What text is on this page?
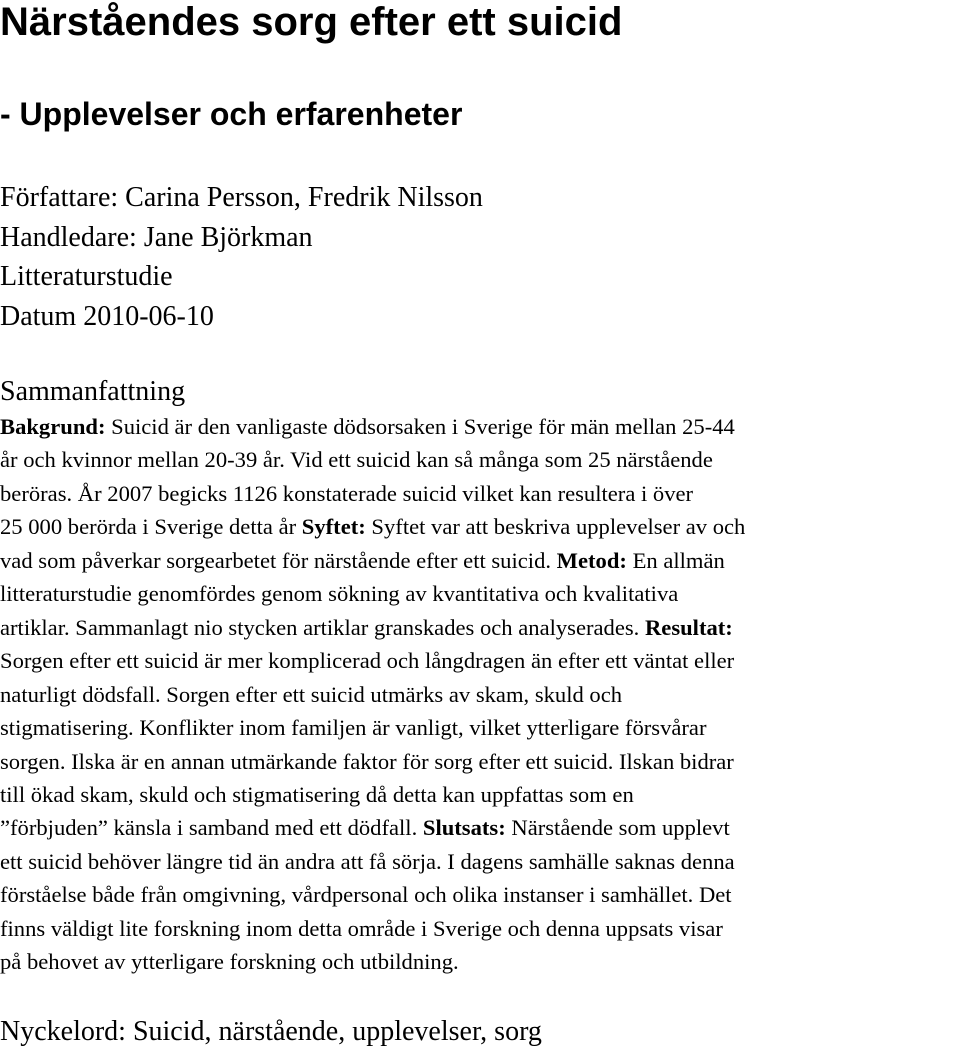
Närståendes sorg efter ett suicid
- Upplevelser och erfarenheter
Författare: Carina Persson, Fredrik Nilsson
Handledare: Jane Björkman
Litteraturstudie
Datum 2010-06-10
Sammanfattning
Bakgrund: Suicid är den vanligaste dödsorsaken i Sverige för män mellan 25-44
år och kvinnor mellan 20-39 år. Vid ett suicid kan så många som 25 närstående
beröras. År 2007 begicks 1126 konstaterade suicid vilket kan resultera i över
25 000 berörda i Sverige detta år Syftet: Syftet var att beskriva upplevelser av och
vad som påverkar sorgearbetet för närstående efter ett suicid. Metod: En allmän
litteraturstudie genomfördes genom sökning av kvantitativa och kvalitativa
artiklar. Sammanlagt nio stycken artiklar granskades och analyserades. Resultat:
Sorgen efter ett suicid är mer komplicerad och långdragen än efter ett väntat eller
naturligt dödsfall. Sorgen efter ett suicid utmärks av skam, skuld och
stigmatisering. Konflikter inom familjen är vanligt, vilket ytterligare försvårar
sorgen. Ilska är en annan utmärkande faktor för sorg efter ett suicid. Ilskan bidrar
till ökad skam, skuld och stigmatisering då detta kan uppfattas som en
”förbjuden” känsla i samband med ett dödfall. Slutsats: Närstående som upplevt
ett suicid behöver längre tid än andra att få sörja. I dagens samhälle saknas denna
förståelse både från omgivning, vårdpersonal och olika instanser i samhället. Det
finns väldigt lite forskning inom detta område i Sverige och denna uppsats visar
på behovet av ytterligare forskning och utbildning.
Nyckelord: Suicid, närstående, upplevelser, sorg
